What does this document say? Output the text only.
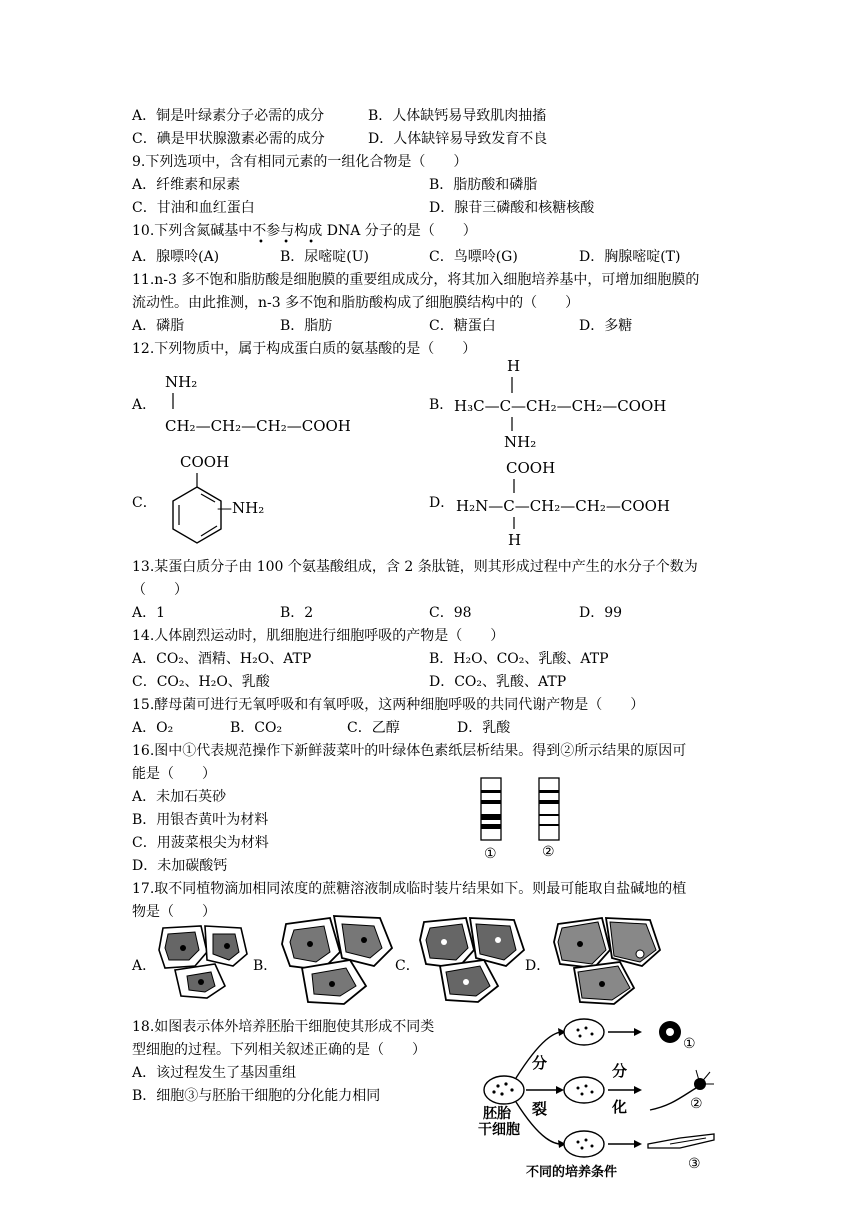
A．铜是叶绿素分子必需的成分	B．人体缺钙易导致肌肉抽搐
C．碘是甲状腺激素必需的成分	D．人体缺锌易导致发育不良
9.下列选项中，含有相同元素的一组化合物是（　　）
A．纤维素和尿素	B．脂肪酸和磷脂
C．甘油和血红蛋白	D．腺苷三磷酸和核糖核酸
10.下列含氮碱基中不参与构成 DNA 分子的是（　　）
• • •
A．腺嘌呤(A)	B．尿嘧啶(U)	C．鸟嘌呤(G)	D．胸腺嘧啶(T)
11.n-3 多不饱和脂肪酸是细胞膜的重要组成成分，将其加入细胞培养基中，可增加细胞膜的
流动性。由此推测，n-3 多不饱和脂肪酸构成了细胞膜结构中的（　　）
A．磷脂	B．脂肪	C．糖蛋白	D．多糖
12.下列物质中，属于构成蛋白质的氨基酸的是（　　）
A．
NH₂
CH₂—CH₂—CH₂—COOH
B．
H
H₃C—C—CH₂—CH₂—COOH
NH₂
C．
COOH
—NH₂	D．
COOH
H₂N—C—CH₂—CH₂—COOH
H
13.某蛋白质分子由 100 个氨基酸组成，含 2 条肽链，则其形成过程中产生的水分子个数为
（　　）
A．1	B．2	C．98	D．99
14.人体剧烈运动时，肌细胞进行细胞呼吸的产物是（　　）
A．CO₂、酒精、H₂O、ATP	B．H₂O、CO₂、乳酸、ATP
C．CO₂、H₂O、乳酸	D．CO₂、乳酸、ATP
15.酵母菌可进行无氧呼吸和有氧呼吸，这两种细胞呼吸的共同代谢产物是（　　）
A．O₂	B．CO₂	C．乙醇	D．乳酸
16.图中①代表规范操作下新鲜菠菜叶的叶绿体色素纸层析结果。得到②所示结果的原因可
能是（　　）
A．未加石英砂
B．用银杏黄叶为材料
C．用菠菜根尖为材料
D．未加碳酸钙
①	②
17.取不同植物滴加相同浓度的蔗糖溶液制成临时装片结果如下。则最可能取自盐碱地的植
物是（　　）
A．	B．	C．	D．
18.如图表示体外培养胚胎干细胞使其形成不同类
型细胞的过程。下列相关叙述正确的是（　　）
A．该过程发生了基因重组
B．细胞③与胚胎干细胞的分化能力相同
胚胎
干细胞
分
裂
分
化
①
②
③
不同的培养条件
